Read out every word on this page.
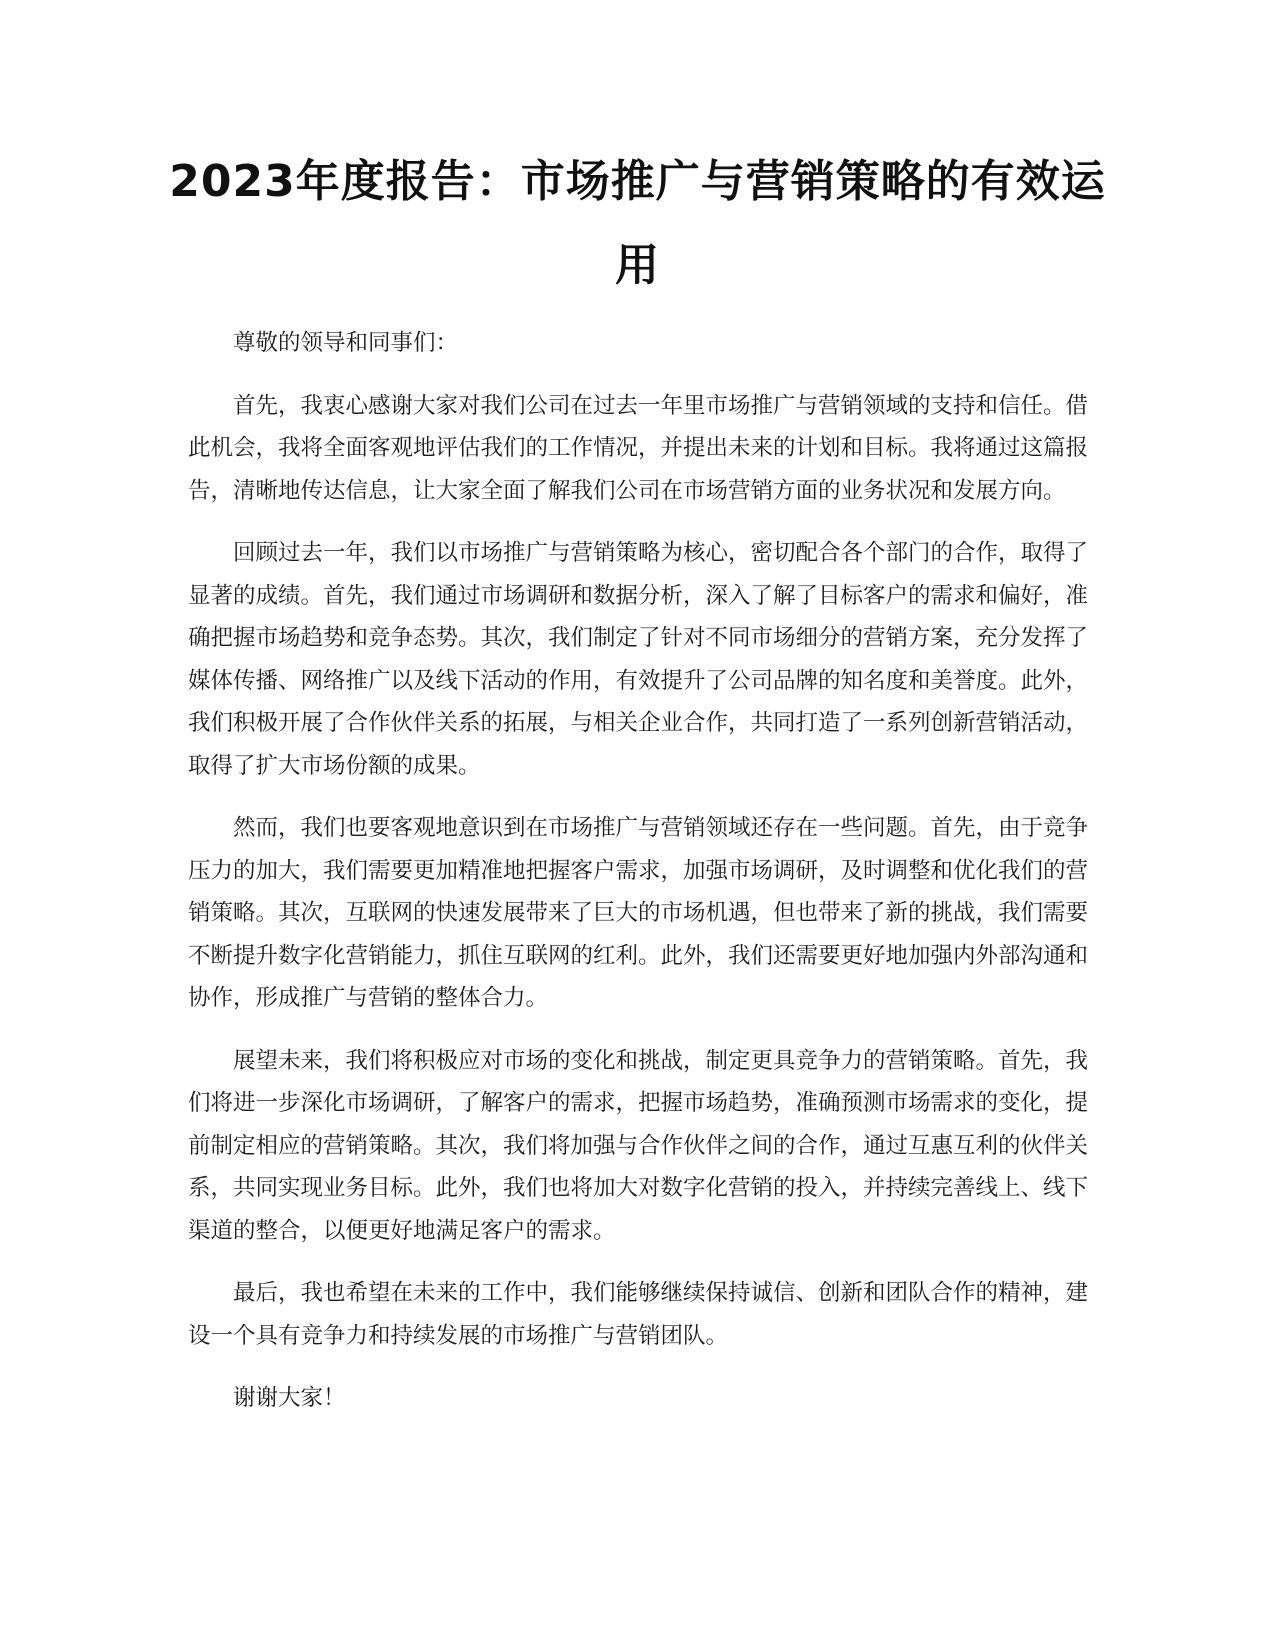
2023年度报告：市场推广与营销策略的有效运用

尊敬的领导和同事们：

首先，我衷心感谢大家对我们公司在过去一年里市场推广与营销领域的支持和信任。借此机会，我将全面客观地评估我们的工作情况，并提出未来的计划和目标。我将通过这篇报告，清晰地传达信息，让大家全面了解我们公司在市场营销方面的业务状况和发展方向。

回顾过去一年，我们以市场推广与营销策略为核心，密切配合各个部门的合作，取得了显著的成绩。首先，我们通过市场调研和数据分析，深入了解了目标客户的需求和偏好，准确把握市场趋势和竞争态势。其次，我们制定了针对不同市场细分的营销方案，充分发挥了媒体传播、网络推广以及线下活动的作用，有效提升了公司品牌的知名度和美誉度。此外，我们积极开展了合作伙伴关系的拓展，与相关企业合作，共同打造了一系列创新营销活动，取得了扩大市场份额的成果。

然而，我们也要客观地意识到在市场推广与营销领域还存在一些问题。首先，由于竞争压力的加大，我们需要更加精准地把握客户需求，加强市场调研，及时调整和优化我们的营销策略。其次，互联网的快速发展带来了巨大的市场机遇，但也带来了新的挑战，我们需要不断提升数字化营销能力，抓住互联网的红利。此外，我们还需要更好地加强内外部沟通和协作，形成推广与营销的整体合力。

展望未来，我们将积极应对市场的变化和挑战，制定更具竞争力的营销策略。首先，我们将进一步深化市场调研，了解客户的需求，把握市场趋势，准确预测市场需求的变化，提前制定相应的营销策略。其次，我们将加强与合作伙伴之间的合作，通过互惠互利的伙伴关系，共同实现业务目标。此外，我们也将加大对数字化营销的投入，并持续完善线上、线下渠道的整合，以便更好地满足客户的需求。

最后，我也希望在未来的工作中，我们能够继续保持诚信、创新和团队合作的精神，建设一个具有竞争力和持续发展的市场推广与营销团队。

谢谢大家！
